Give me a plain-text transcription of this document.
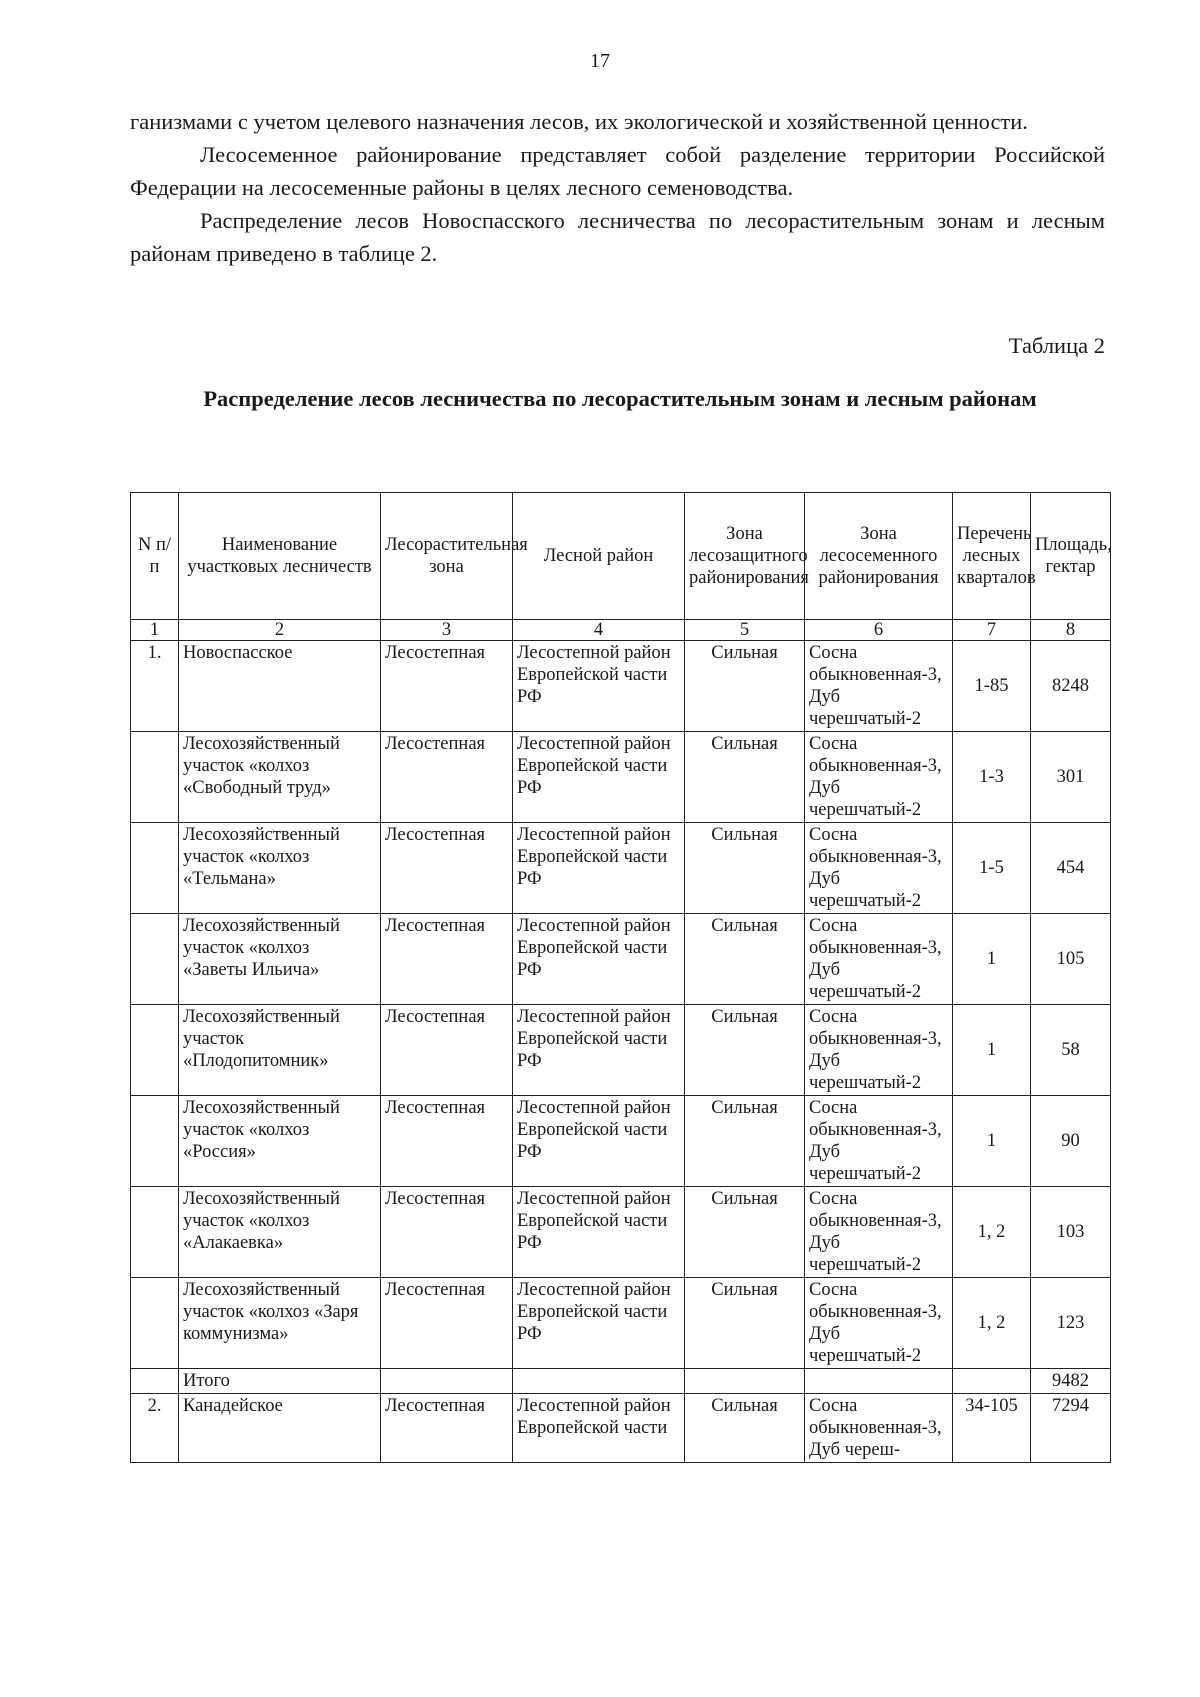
17

ганизмами с учетом целевого назначения лесов, их экологической и хозяйственной ценности.

Лесосеменное районирование представляет собой разделение территории Российской Федерации на лесосеменные районы в целях лесного семеноводства.

Распределение лесов Новоспасского лесничества по лесорастительным зонам и лесным районам приведено в таблице 2.

Таблица 2
Распределение лесов лесничества по лесорастительным зонам и лесным районам
N п/п	Наименование участковых лесничеств	Лесорастительная зона	Лесной район	Зона лесозащитного районирования	Зона лесосеменного районирования	Перечень лесных кварталов	Площадь, гектар
1	2	3	4	5	6	7	8
1.	Новоспасское	Лесостепная	Лесостепной район Европейской части РФ	Сильная	Сосна обыкновенная-3, Дуб черешчатый-2	1-85	8248
	Лесохозяйственный участок «колхоз «Свободный труд»	Лесостепная	Лесостепной район Европейской части РФ	Сильная	Сосна обыкновенная-3, Дуб черешчатый-2	1-3	301
	Лесохозяйственный участок «колхоз «Тельмана»	Лесостепная	Лесостепной район Европейской части РФ	Сильная	Сосна обыкновенная-3, Дуб черешчатый-2	1-5	454
	Лесохозяйственный участок «колхоз «Заветы Ильича»	Лесостепная	Лесостепной район Европейской части РФ	Сильная	Сосна обыкновенная-3, Дуб черешчатый-2	1	105
	Лесохозяйственный участок «Плодопитомник»	Лесостепная	Лесостепной район Европейской части РФ	Сильная	Сосна обыкновенная-3, Дуб черешчатый-2	1	58
	Лесохозяйственный участок «колхоз «Россия»	Лесостепная	Лесостепной район Европейской части РФ	Сильная	Сосна обыкновенная-3, Дуб черешчатый-2	1	90
	Лесохозяйственный участок «колхоз «Алакаевка»	Лесостепная	Лесостепной район Европейской части РФ	Сильная	Сосна обыкновенная-3, Дуб черешчатый-2	1, 2	103
	Лесохозяйственный участок «колхоз «Заря коммунизма»	Лесостепная	Лесостепной район Европейской части РФ	Сильная	Сосна обыкновенная-3, Дуб черешчатый-2	1, 2	123
	Итого						9482
2.	Канадейское	Лесостепная	Лесостепной район Европейской части	Сильная	Сосна обыкновенная-3, Дуб череш-	34-105	7294
